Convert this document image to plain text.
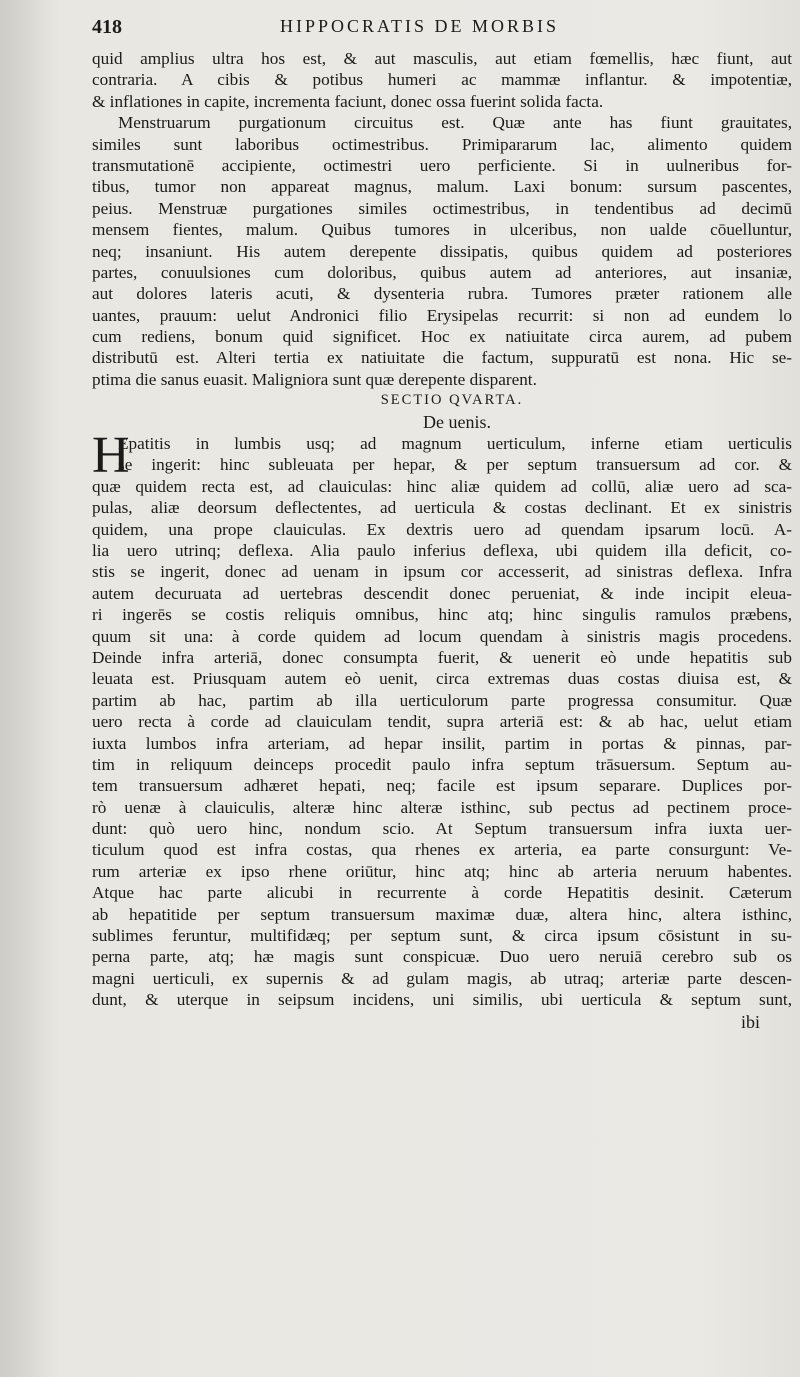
418	HIPPOCRATIS DE MORBIS
quid amplius ultra hos est, & aut masculis, aut etiam fœmellis, hæc fiunt, aut
contraria. A cibis & potibus humeri ac mammæ inflantur. & impotentiæ,
& inflationes in capite, incrementa faciunt, donec ossa fuerint solida facta.
Menstruarum purgationum circuitus est. Quæ ante has fiunt grauitates,
similes sunt laboribus octimestribus. Primipararum lac, alimento quidem
transmutationē accipiente, octimestri uero perficiente. Si in uulneribus for-
tibus, tumor non appareat magnus, malum. Laxi bonum: sursum pascentes,
peius. Menstruæ purgationes similes octimestribus, in tendentibus ad decimū
mensem fientes, malum. Quibus tumores in ulceribus, non ualde cōuelluntur,
neq; insaniunt. His autem derepente dissipatis, quibus quidem ad posteriores
partes, conuulsiones cum doloribus, quibus autem ad anteriores, aut insaniæ,
aut dolores lateris acuti, & dysenteria rubra. Tumores præter rationem alle
uantes, prauum: uelut Andronici filio Erysipelas recurrit: si non ad eundem lo
cum rediens, bonum quid significet. Hoc ex natiuitate circa aurem, ad pubem
distributū est. Alteri tertia ex natiuitate die factum, suppuratū est nona. Hic se-
ptima die sanus euasit. Maligniora sunt quæ derepente disparent.
SECTIO QVARTA.
De uenis.
H
Epatitis in lumbis usq; ad magnum uerticulum, inferne etiam uerticulis
se ingerit: hinc subleuata per hepar, & per septum transuersum ad cor. &
quæ quidem recta est, ad clauiculas: hinc aliæ quidem ad collū, aliæ uero ad sca-
pulas, aliæ deorsum deflectentes, ad uerticula & costas declinant. Et ex sinistris
quidem, una prope clauiculas. Ex dextris uero ad quendam ipsarum locū. A-
lia uero utrinq; deflexa. Alia paulo inferius deflexa, ubi quidem illa deficit, co-
stis se ingerit, donec ad uenam in ipsum cor accesserit, ad sinistras deflexa. Infra
autem decuruata ad uertebras descendit donec perueniat, & inde incipit eleua-
ri ingerēs se costis reliquis omnibus, hinc atq; hinc singulis ramulos præbens,
quum sit una: à corde quidem ad locum quendam à sinistris magis procedens.
Deinde infra arteriā, donec consumpta fuerit, & uenerit eò unde hepatitis sub
leuata est. Priusquam autem eò uenit, circa extremas duas costas diuisa est, &
partim ab hac, partim ab illa uerticulorum parte progressa consumitur. Quæ
uero recta à corde ad clauiculam tendit, supra arteriā est: & ab hac, uelut etiam
iuxta lumbos infra arteriam, ad hepar insilit, partim in portas & pinnas, par-
tim in reliquum deinceps procedit paulo infra septum trāsuersum. Septum au-
tem transuersum adhæret hepati, neq; facile est ipsum separare. Duplices por-
rò uenæ à clauiculis, alteræ hinc alteræ isthinc, sub pectus ad pectinem proce-
dunt: quò uero hinc, nondum scio. At Septum transuersum infra iuxta uer-
ticulum quod est infra costas, qua rhenes ex arteria, ea parte consurgunt: Ve-
rum arteriæ ex ipso rhene oriūtur, hinc atq; hinc ab arteria neruum habentes.
Atque hac parte alicubi in recurrente à corde Hepatitis desinit. Cæterum
ab hepatitide per septum transuersum maximæ duæ, altera hinc, altera isthinc,
sublimes feruntur, multifidæq; per septum sunt, & circa ipsum cōsistunt in su-
perna parte, atq; hæ magis sunt conspicuæ. Duo uero neruiā cerebro sub os
magni uerticuli, ex supernis & ad gulam magis, ab utraq; arteriæ parte descen-
dunt, & uterque in seipsum incidens, uni similis, ubi uerticula & septum sunt,
ibi
